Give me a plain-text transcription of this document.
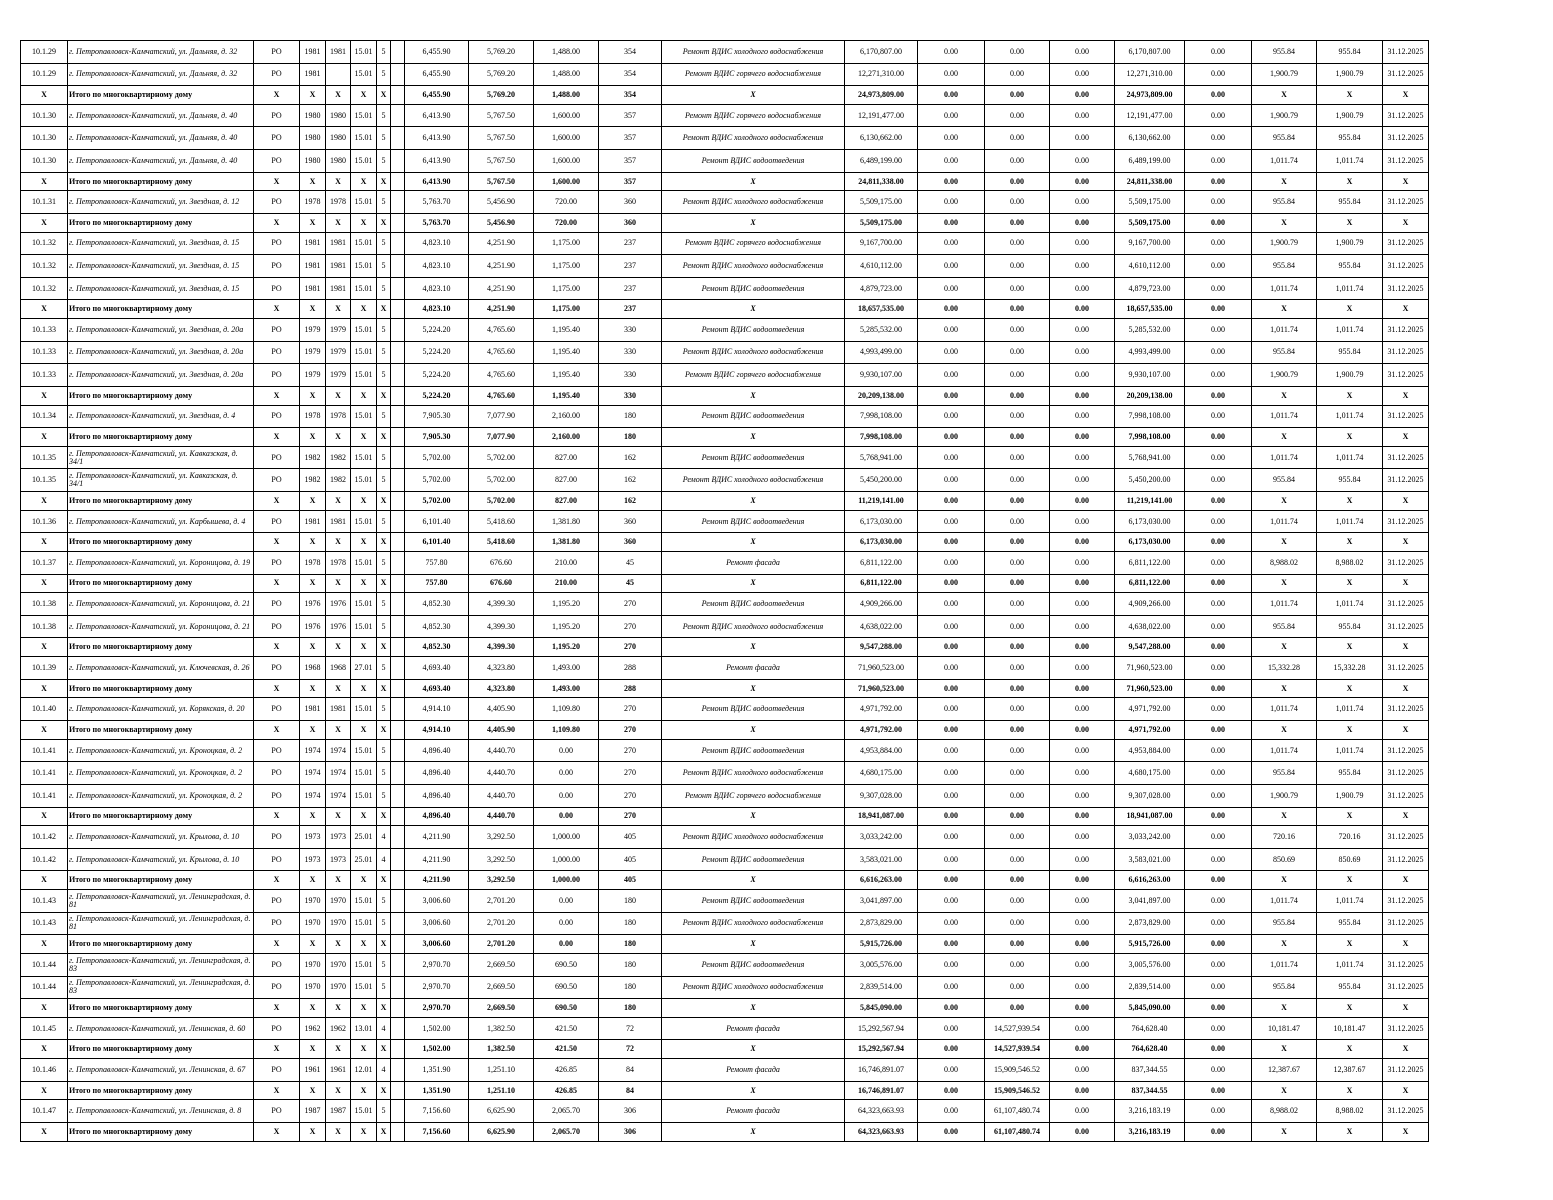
10.1.29	г. Петропавловск-Камчатский, ул. Дальняя, д. 32	РО	1981	1981	15.01	5		6,455.90	5,769.20	1,488.00	354	Ремонт ВДИС холодного водоснабжения	6,170,807.00	0.00	0.00	0.00	6,170,807.00	0.00	955.84	955.84	31.12.2025
10.1.29	г. Петропавловск-Камчатский, ул. Дальняя, д. 32	РО	1981		15.01	5		6,455.90	5,769.20	1,488.00	354	Ремонт ВДИС горячего водоснабжения	12,271,310.00	0.00	0.00	0.00	12,271,310.00	0.00	1,900.79	1,900.79	31.12.2025
X	Итого по многоквартирному дому	X	X	X	X	X		6,455.90	5,769.20	1,488.00	354	X	24,973,809.00	0.00	0.00	0.00	24,973,809.00	0.00	X	X	X
10.1.30	г. Петропавловск-Камчатский, ул. Дальняя, д. 40	РО	1980	1980	15.01	5		6,413.90	5,767.50	1,600.00	357	Ремонт ВДИС горячего водоснабжения	12,191,477.00	0.00	0.00	0.00	12,191,477.00	0.00	1,900.79	1,900.79	31.12.2025
10.1.30	г. Петропавловск-Камчатский, ул. Дальняя, д. 40	РО	1980	1980	15.01	5		6,413.90	5,767.50	1,600.00	357	Ремонт ВДИС холодного водоснабжения	6,130,662.00	0.00	0.00	0.00	6,130,662.00	0.00	955.84	955.84	31.12.2025
10.1.30	г. Петропавловск-Камчатский, ул. Дальняя, д. 40	РО	1980	1980	15.01	5		6,413.90	5,767.50	1,600.00	357	Ремонт ВДИС водоотведения	6,489,199.00	0.00	0.00	0.00	6,489,199.00	0.00	1,011.74	1,011.74	31.12.2025
X	Итого по многоквартирному дому	X	X	X	X	X		6,413.90	5,767.50	1,600.00	357	X	24,811,338.00	0.00	0.00	0.00	24,811,338.00	0.00	X	X	X
10.1.31	г. Петропавловск-Камчатский, ул. Звездная, д. 12	РО	1978	1978	15.01	5		5,763.70	5,456.90	720.00	360	Ремонт ВДИС холодного водоснабжения	5,509,175.00	0.00	0.00	0.00	5,509,175.00	0.00	955.84	955.84	31.12.2025
X	Итого по многоквартирному дому	X	X	X	X	X		5,763.70	5,456.90	720.00	360	X	5,509,175.00	0.00	0.00	0.00	5,509,175.00	0.00	X	X	X
10.1.32	г. Петропавловск-Камчатский, ул. Звездная, д. 15	РО	1981	1981	15.01	5		4,823.10	4,251.90	1,175.00	237	Ремонт ВДИС горячего водоснабжения	9,167,700.00	0.00	0.00	0.00	9,167,700.00	0.00	1,900.79	1,900.79	31.12.2025
10.1.32	г. Петропавловск-Камчатский, ул. Звездная, д. 15	РО	1981	1981	15.01	5		4,823.10	4,251.90	1,175.00	237	Ремонт ВДИС холодного водоснабжения	4,610,112.00	0.00	0.00	0.00	4,610,112.00	0.00	955.84	955.84	31.12.2025
10.1.32	г. Петропавловск-Камчатский, ул. Звездная, д. 15	РО	1981	1981	15.01	5		4,823.10	4,251.90	1,175.00	237	Ремонт ВДИС водоотведения	4,879,723.00	0.00	0.00	0.00	4,879,723.00	0.00	1,011.74	1,011.74	31.12.2025
X	Итого по многоквартирному дому	X	X	X	X	X		4,823.10	4,251.90	1,175.00	237	X	18,657,535.00	0.00	0.00	0.00	18,657,535.00	0.00	X	X	X
10.1.33	г. Петропавловск-Камчатский, ул. Звездная, д. 20а	РО	1979	1979	15.01	5		5,224.20	4,765.60	1,195.40	330	Ремонт ВДИС водоотведения	5,285,532.00	0.00	0.00	0.00	5,285,532.00	0.00	1,011.74	1,011.74	31.12.2025
10.1.33	г. Петропавловск-Камчатский, ул. Звездная, д. 20а	РО	1979	1979	15.01	5		5,224.20	4,765.60	1,195.40	330	Ремонт ВДИС холодного водоснабжения	4,993,499.00	0.00	0.00	0.00	4,993,499.00	0.00	955.84	955.84	31.12.2025
10.1.33	г. Петропавловск-Камчатский, ул. Звездная, д. 20а	РО	1979	1979	15.01	5		5,224.20	4,765.60	1,195.40	330	Ремонт ВДИС горячего водоснабжения	9,930,107.00	0.00	0.00	0.00	9,930,107.00	0.00	1,900.79	1,900.79	31.12.2025
X	Итого по многоквартирному дому	X	X	X	X	X		5,224.20	4,765.60	1,195.40	330	X	20,209,138.00	0.00	0.00	0.00	20,209,138.00	0.00	X	X	X
10.1.34	г. Петропавловск-Камчатский, ул. Звездная, д. 4	РО	1978	1978	15.01	5		7,905.30	7,077.90	2,160.00	180	Ремонт ВДИС водоотведения	7,998,108.00	0.00	0.00	0.00	7,998,108.00	0.00	1,011.74	1,011.74	31.12.2025
X	Итого по многоквартирному дому	X	X	X	X	X		7,905.30	7,077.90	2,160.00	180	X	7,998,108.00	0.00	0.00	0.00	7,998,108.00	0.00	X	X	X
10.1.35	г. Петропавловск-Камчатский, ул. Кавказская, д. 34/1	РО	1982	1982	15.01	5		5,702.00	5,702.00	827.00	162	Ремонт ВДИС водоотведения	5,768,941.00	0.00	0.00	0.00	5,768,941.00	0.00	1,011.74	1,011.74	31.12.2025
10.1.35	г. Петропавловск-Камчатский, ул. Кавказская, д. 34/1	РО	1982	1982	15.01	5		5,702.00	5,702.00	827.00	162	Ремонт ВДИС холодного водоснабжения	5,450,200.00	0.00	0.00	0.00	5,450,200.00	0.00	955.84	955.84	31.12.2025
X	Итого по многоквартирному дому	X	X	X	X	X		5,702.00	5,702.00	827.00	162	X	11,219,141.00	0.00	0.00	0.00	11,219,141.00	0.00	X	X	X
10.1.36	г. Петропавловск-Камчатский, ул. Карбышева, д. 4	РО	1981	1981	15.01	5		6,101.40	5,418.60	1,381.80	360	Ремонт ВДИС водоотведения	6,173,030.00	0.00	0.00	0.00	6,173,030.00	0.00	1,011.74	1,011.74	31.12.2025
X	Итого по многоквартирному дому	X	X	X	X	X		6,101.40	5,418.60	1,381.80	360	X	6,173,030.00	0.00	0.00	0.00	6,173,030.00	0.00	X	X	X
10.1.37	г. Петропавловск-Камчатский, ул. Короницова, д. 19	РО	1978	1978	15.01	5		757.80	676.60	210.00	45	Ремонт фасада	6,811,122.00	0.00	0.00	0.00	6,811,122.00	0.00	8,988.02	8,988.02	31.12.2025
X	Итого по многоквартирному дому	X	X	X	X	X		757.80	676.60	210.00	45	X	6,811,122.00	0.00	0.00	0.00	6,811,122.00	0.00	X	X	X
10.1.38	г. Петропавловск-Камчатский, ул. Короницова, д. 21	РО	1976	1976	15.01	5		4,852.30	4,399.30	1,195.20	270	Ремонт ВДИС водоотведения	4,909,266.00	0.00	0.00	0.00	4,909,266.00	0.00	1,011.74	1,011.74	31.12.2025
10.1.38	г. Петропавловск-Камчатский, ул. Короницова, д. 21	РО	1976	1976	15.01	5		4,852.30	4,399.30	1,195.20	270	Ремонт ВДИС холодного водоснабжения	4,638,022.00	0.00	0.00	0.00	4,638,022.00	0.00	955.84	955.84	31.12.2025
X	Итого по многоквартирному дому	X	X	X	X	X		4,852.30	4,399.30	1,195.20	270	X	9,547,288.00	0.00	0.00	0.00	9,547,288.00	0.00	X	X	X
10.1.39	г. Петропавловск-Камчатский, ул. Ключевская, д. 26	РО	1968	1968	27.01	5		4,693.40	4,323.80	1,493.00	288	Ремонт фасада	71,960,523.00	0.00	0.00	0.00	71,960,523.00	0.00	15,332.28	15,332.28	31.12.2025
X	Итого по многоквартирному дому	X	X	X	X	X		4,693.40	4,323.80	1,493.00	288	X	71,960,523.00	0.00	0.00	0.00	71,960,523.00	0.00	X	X	X
10.1.40	г. Петропавловск-Камчатский, ул. Корякская, д. 20	РО	1981	1981	15.01	5		4,914.10	4,405.90	1,109.80	270	Ремонт ВДИС водоотведения	4,971,792.00	0.00	0.00	0.00	4,971,792.00	0.00	1,011.74	1,011.74	31.12.2025
X	Итого по многоквартирному дому	X	X	X	X	X		4,914.10	4,405.90	1,109.80	270	X	4,971,792.00	0.00	0.00	0.00	4,971,792.00	0.00	X	X	X
10.1.41	г. Петропавловск-Камчатский, ул. Кроноцкая, д. 2	РО	1974	1974	15.01	5		4,896.40	4,440.70	0.00	270	Ремонт ВДИС водоотведения	4,953,884.00	0.00	0.00	0.00	4,953,884.00	0.00	1,011.74	1,011.74	31.12.2025
10.1.41	г. Петропавловск-Камчатский, ул. Кроноцкая, д. 2	РО	1974	1974	15.01	5		4,896.40	4,440.70	0.00	270	Ремонт ВДИС холодного водоснабжения	4,680,175.00	0.00	0.00	0.00	4,680,175.00	0.00	955.84	955.84	31.12.2025
10.1.41	г. Петропавловск-Камчатский, ул. Кроноцкая, д. 2	РО	1974	1974	15.01	5		4,896.40	4,440.70	0.00	270	Ремонт ВДИС горячего водоснабжения	9,307,028.00	0.00	0.00	0.00	9,307,028.00	0.00	1,900.79	1,900.79	31.12.2025
X	Итого по многоквартирному дому	X	X	X	X	X		4,896.40	4,440.70	0.00	270	X	18,941,087.00	0.00	0.00	0.00	18,941,087.00	0.00	X	X	X
10.1.42	г. Петропавловск-Камчатский, ул. Крылова, д. 10	РО	1973	1973	25.01	4		4,211.90	3,292.50	1,000.00	405	Ремонт ВДИС холодного водоснабжения	3,033,242.00	0.00	0.00	0.00	3,033,242.00	0.00	720.16	720.16	31.12.2025
10.1.42	г. Петропавловск-Камчатский, ул. Крылова, д. 10	РО	1973	1973	25.01	4		4,211.90	3,292.50	1,000.00	405	Ремонт ВДИС водоотведения	3,583,021.00	0.00	0.00	0.00	3,583,021.00	0.00	850.69	850.69	31.12.2025
X	Итого по многоквартирному дому	X	X	X	X	X		4,211.90	3,292.50	1,000.00	405	X	6,616,263.00	0.00	0.00	0.00	6,616,263.00	0.00	X	X	X
10.1.43	г. Петропавловск-Камчатский, ул. Ленинградская, д. 81	РО	1970	1970	15.01	5		3,006.60	2,701.20	0.00	180	Ремонт ВДИС водоотведения	3,041,897.00	0.00	0.00	0.00	3,041,897.00	0.00	1,011.74	1,011.74	31.12.2025
10.1.43	г. Петропавловск-Камчатский, ул. Ленинградская, д. 81	РО	1970	1970	15.01	5		3,006.60	2,701.20	0.00	180	Ремонт ВДИС холодного водоснабжения	2,873,829.00	0.00	0.00	0.00	2,873,829.00	0.00	955.84	955.84	31.12.2025
X	Итого по многоквартирному дому	X	X	X	X	X		3,006.60	2,701.20	0.00	180	X	5,915,726.00	0.00	0.00	0.00	5,915,726.00	0.00	X	X	X
10.1.44	г. Петропавловск-Камчатский, ул. Ленинградская, д. 83	РО	1970	1970	15.01	5		2,970.70	2,669.50	690.50	180	Ремонт ВДИС водоотведения	3,005,576.00	0.00	0.00	0.00	3,005,576.00	0.00	1,011.74	1,011.74	31.12.2025
10.1.44	г. Петропавловск-Камчатский, ул. Ленинградская, д. 83	РО	1970	1970	15.01	5		2,970.70	2,669.50	690.50	180	Ремонт ВДИС холодного водоснабжения	2,839,514.00	0.00	0.00	0.00	2,839,514.00	0.00	955.84	955.84	31.12.2025
X	Итого по многоквартирному дому	X	X	X	X	X		2,970.70	2,669.50	690.50	180	X	5,845,090.00	0.00	0.00	0.00	5,845,090.00	0.00	X	X	X
10.1.45	г. Петропавловск-Камчатский, ул. Ленинская, д. 60	РО	1962	1962	13.01	4		1,502.00	1,382.50	421.50	72	Ремонт фасада	15,292,567.94	0.00	14,527,939.54	0.00	764,628.40	0.00	10,181.47	10,181.47	31.12.2025
X	Итого по многоквартирному дому	X	X	X	X	X		1,502.00	1,382.50	421.50	72	X	15,292,567.94	0.00	14,527,939.54	0.00	764,628.40	0.00	X	X	X
10.1.46	г. Петропавловск-Камчатский, ул. Ленинская, д. 67	РО	1961	1961	12.01	4		1,351.90	1,251.10	426.85	84	Ремонт фасада	16,746,891.07	0.00	15,909,546.52	0.00	837,344.55	0.00	12,387.67	12,387.67	31.12.2025
X	Итого по многоквартирному дому	X	X	X	X	X		1,351.90	1,251.10	426.85	84	X	16,746,891.07	0.00	15,909,546.52	0.00	837,344.55	0.00	X	X	X
10.1.47	г. Петропавловск-Камчатский, ул. Ленинская, д. 8	РО	1987	1987	15.01	5		7,156.60	6,625.90	2,065.70	306	Ремонт фасада	64,323,663.93	0.00	61,107,480.74	0.00	3,216,183.19	0.00	8,988.02	8,988.02	31.12.2025
X	Итого по многоквартирному дому	X	X	X	X	X		7,156.60	6,625.90	2,065.70	306	X	64,323,663.93	0.00	61,107,480.74	0.00	3,216,183.19	0.00	X	X	X
